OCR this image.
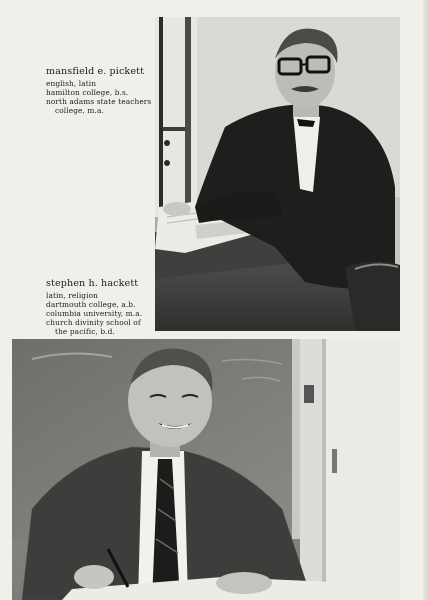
mansfield e. pickett
english, latin
hamilton college, b.s.
north adams state teachers
college, m.a.
stephen h. hackett
latin, religion
dartmouth college, a.b.
columbia university, m.a.
church divinity school of
the pacific, b.d.
